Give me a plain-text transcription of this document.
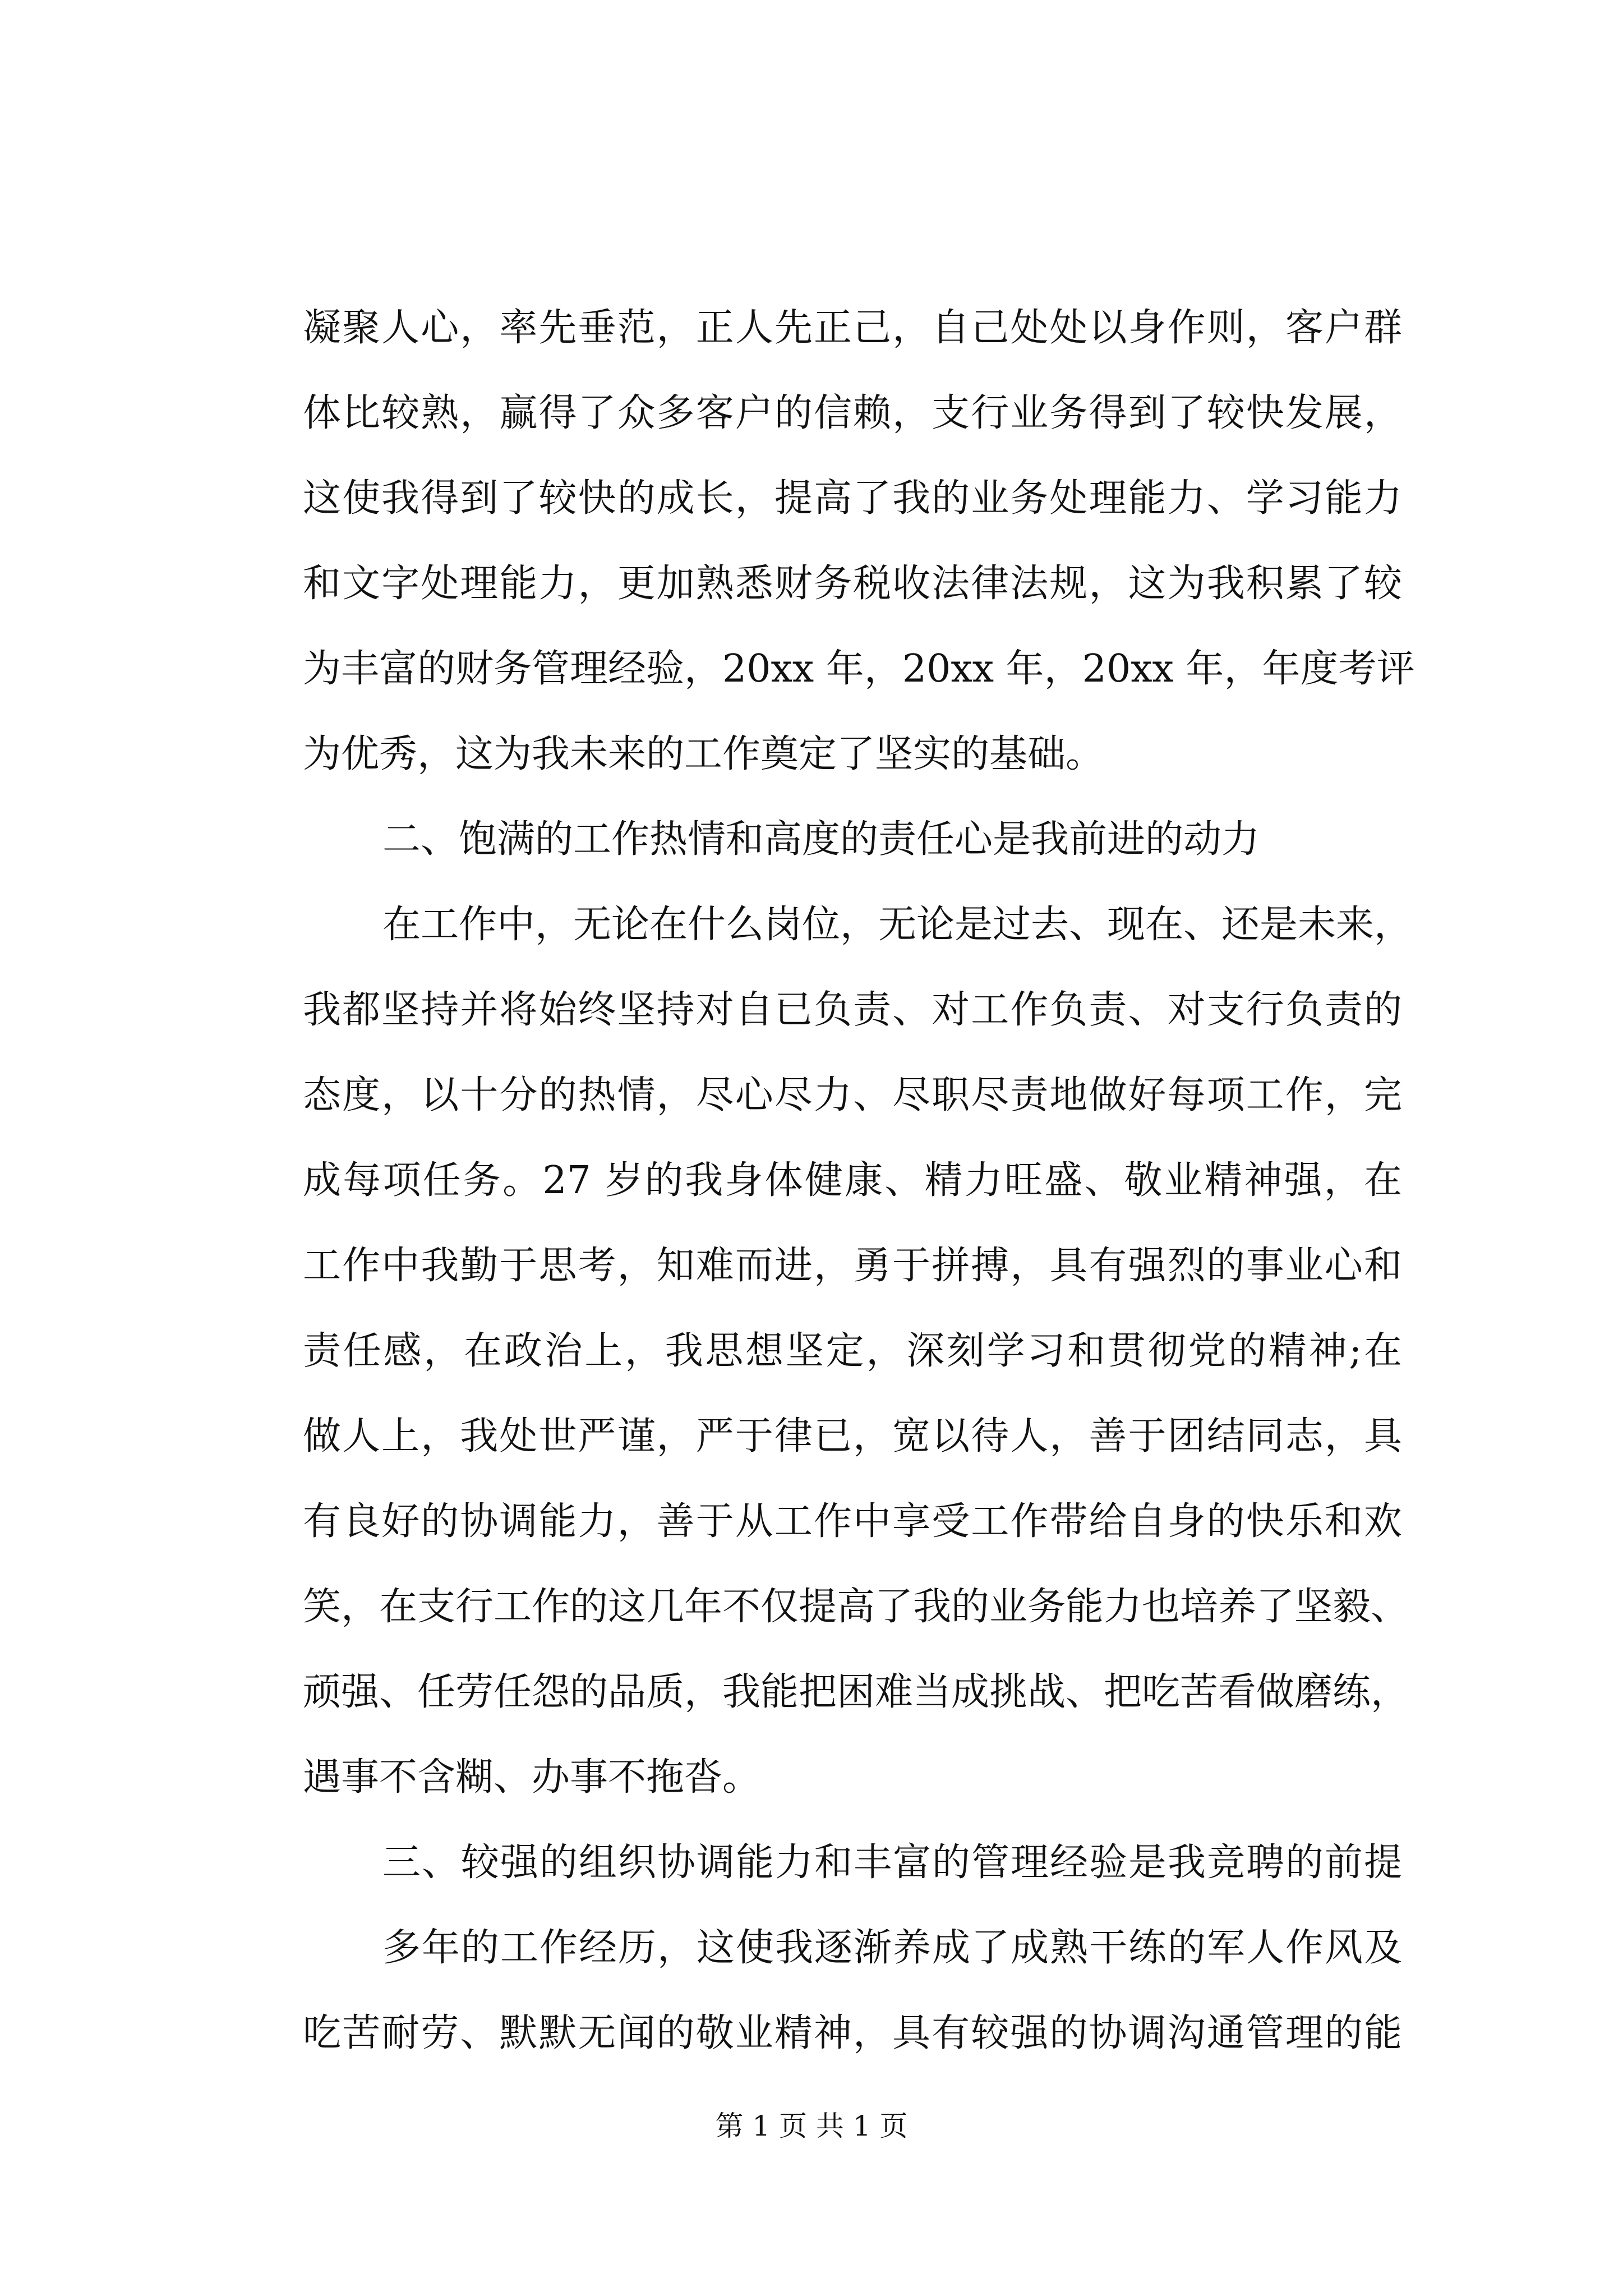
凝聚人心，率先垂范，正人先正己，自己处处以身作则，客户群
体比较熟，赢得了众多客户的信赖，支行业务得到了较快发展，
这使我得到了较快的成长，提高了我的业务处理能力、学习能力
和文字处理能力，更加熟悉财务税收法律法规，这为我积累了较
为丰富的财务管理经验，20xx 年，20xx 年，20xx 年，年度考评
为优秀，这为我未来的工作奠定了坚实的基础。
二、饱满的工作热情和高度的责任心是我前进的动力
在工作中，无论在什么岗位，无论是过去、现在、还是未来，
我都坚持并将始终坚持对自已负责、对工作负责、对支行负责的
态度，以十分的热情，尽心尽力、尽职尽责地做好每项工作，完
成每项任务。27 岁的我身体健康、精力旺盛、敬业精神强，在
工作中我勤于思考，知难而进，勇于拼搏，具有强烈的事业心和
责任感，在政治上，我思想坚定，深刻学习和贯彻党的精神;在
做人上，我处世严谨，严于律已，宽以待人，善于团结同志，具
有良好的协调能力，善于从工作中享受工作带给自身的快乐和欢
笑，在支行工作的这几年不仅提高了我的业务能力也培养了坚毅、
顽强、任劳任怨的品质，我能把困难当成挑战、把吃苦看做磨练，
遇事不含糊、办事不拖沓。
三、较强的组织协调能力和丰富的管理经验是我竞聘的前提
多年的工作经历，这使我逐渐养成了成熟干练的军人作风及
吃苦耐劳、默默无闻的敬业精神，具有较强的协调沟通管理的能
第 1 页 共 1 页
